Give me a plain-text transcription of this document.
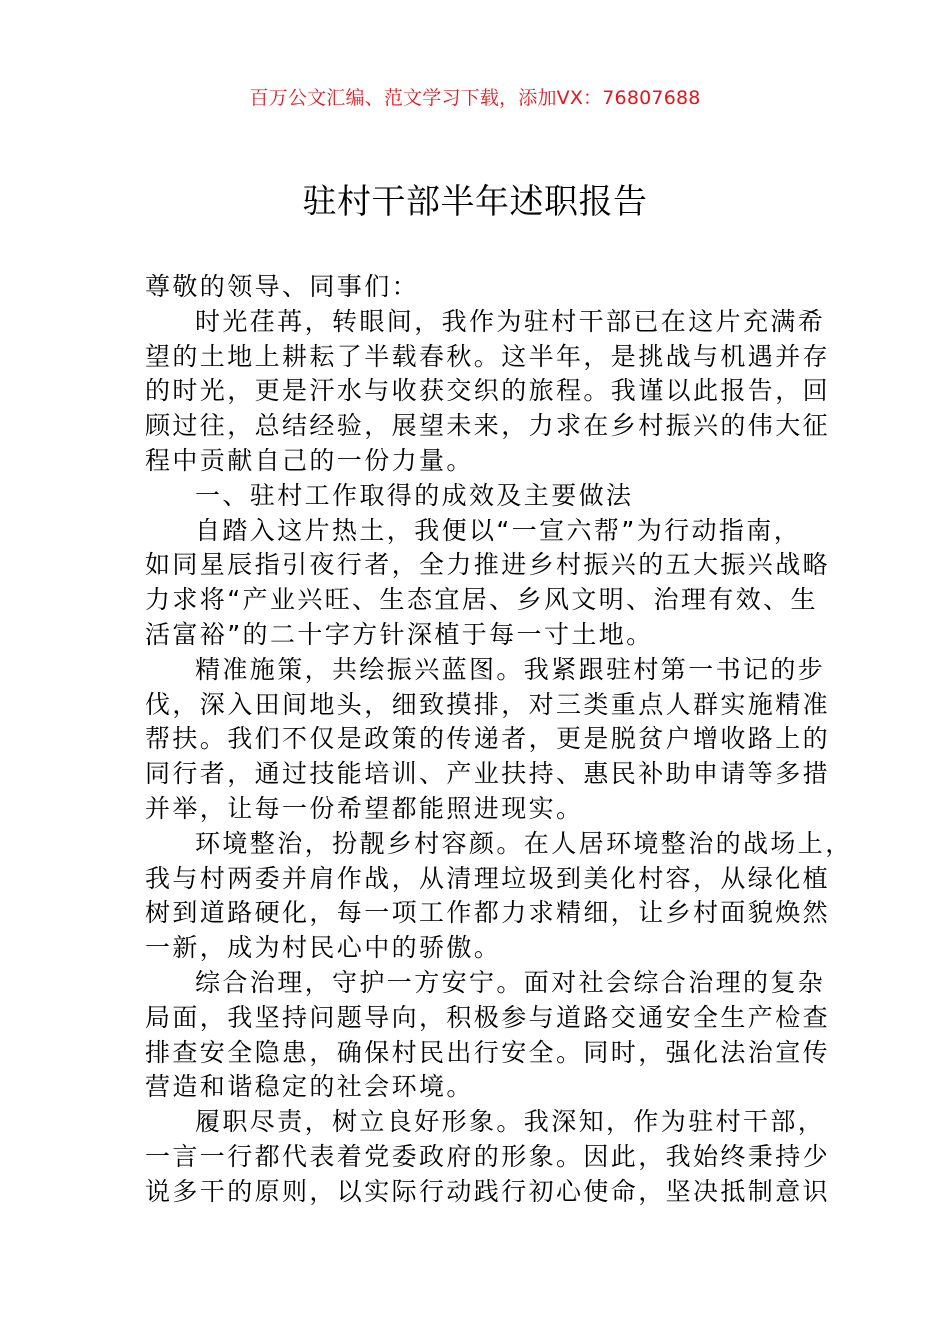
百万公文汇编、范文学习下载，添加VX：76807688
驻村干部半年述职报告
尊敬的领导、同事们：
时光荏苒，转眼间，我作为驻村干部已在这片充满希
望的土地上耕耘了半载春秋。这半年，是挑战与机遇并存
的时光，更是汗水与收获交织的旅程。我谨以此报告，回
顾过往，总结经验，展望未来，力求在乡村振兴的伟大征
程中贡献自己的一份力量。
一、驻村工作取得的成效及主要做法
自踏入这片热土，我便以“一宣六帮”为行动指南，
如同星辰指引夜行者，全力推进乡村振兴的五大振兴战略
力求将“产业兴旺、生态宜居、乡风文明、治理有效、生
活富裕”的二十字方针深植于每一寸土地。
精准施策，共绘振兴蓝图。我紧跟驻村第一书记的步
伐，深入田间地头，细致摸排，对三类重点人群实施精准
帮扶。我们不仅是政策的传递者，更是脱贫户增收路上的
同行者，通过技能培训、产业扶持、惠民补助申请等多措
并举，让每一份希望都能照进现实。
环境整治，扮靓乡村容颜。在人居环境整治的战场上，
我与村两委并肩作战，从清理垃圾到美化村容，从绿化植
树到道路硬化，每一项工作都力求精细，让乡村面貌焕然
一新，成为村民心中的骄傲。
综合治理，守护一方安宁。面对社会综合治理的复杂
局面，我坚持问题导向，积极参与道路交通安全生产检查
排查安全隐患，确保村民出行安全。同时，强化法治宣传
营造和谐稳定的社会环境。
履职尽责，树立良好形象。我深知，作为驻村干部，
一言一行都代表着党委政府的形象。因此，我始终秉持少
说多干的原则，以实际行动践行初心使命，坚决抵制意识
